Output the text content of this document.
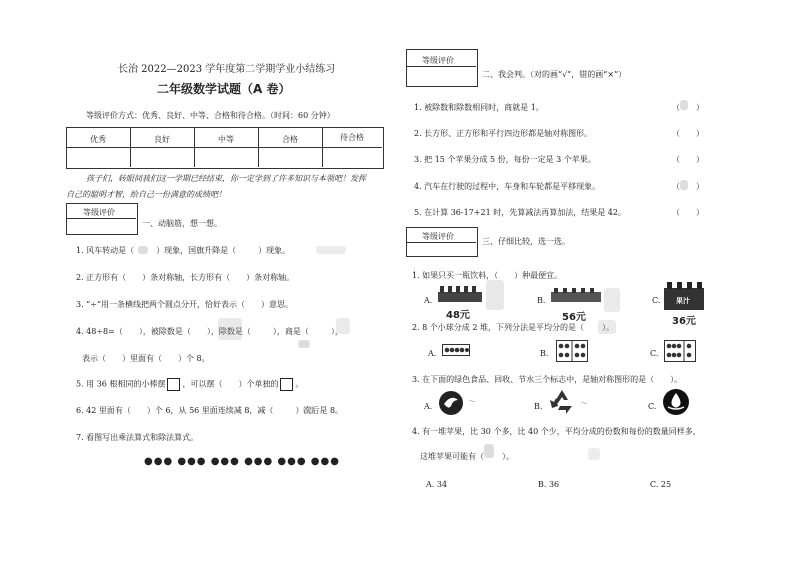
长治 2022—2023 学年度第二学期学业小结练习
二年级数学试题（A 卷）
等级评价方式：优秀、良好、中等、合格和待合格。（时间：60 分钟）
优秀	良好	中等	合格	待合格
孩子们，转眼间我们这一学期已经结束，你一定学到了许多知识与本领吧！发挥
自己的聪明才智，给自己一份满意的成绩吧！
等级评价
一、动脑筋，想一想。
1. 风车转动是（	）现象，国旗升降是（	）现象。
2. 正方形有（　　）条对称轴，长方形有（　　）条对称轴。
3. “÷”用一条横线把两个圆点分开，恰好表示（　　）意思。
4. 48÷8=（　　），被除数是（　　），除数是（	），商是（	），
表示（　　）里面有（　　）个 8。
5. 用 36 根相同的小棒摆 ，可以摆（　　）个单独的 。
6. 42 里面有（　　）个 6，从 56 里面连续减 8，减（	）次后是 8。
7. 看图写出乘法算式和除法算式。
●●● ●●● ●●● ●●● ●●● ●●●
等级评价
二、我会判。（对的画“√”，错的画“×”）
1. 被除数和除数相同时，商就是 1。	（　　）
2. 长方形、正方形和平行四边形都是轴对称图形。	（　　）
3. 把 15 个苹果分成 5 份，每份一定是 3 个苹果。	（　　）
4. 汽车在行驶的过程中，车身和车轮都是平移现象。	（　　）
5. 在计算 36-17+21 时，先算减法再算加法，结果是 42。	（　　）
等级评价
三、仔细比较，选一选。
1. 如果只买一瓶饮料，（　　）种最便宜。
A.
48元
B.
56元
C. 果汁
36元
2. 8 个小球分成 2 堆，下列分法是平均分的是（ ）。
A.	B.	C.
3. 在下面的绿色食品、回收、节水三个标志中，是轴对称图形的是（　　）。
A.
～
B.	～	C.
4. 有一堆苹果，比 30 个多，比 40 个少，平均分成的份数和每份的数量同样多，
这堆苹果可能有（ ）。
A. 34	B. 36	C. 25
